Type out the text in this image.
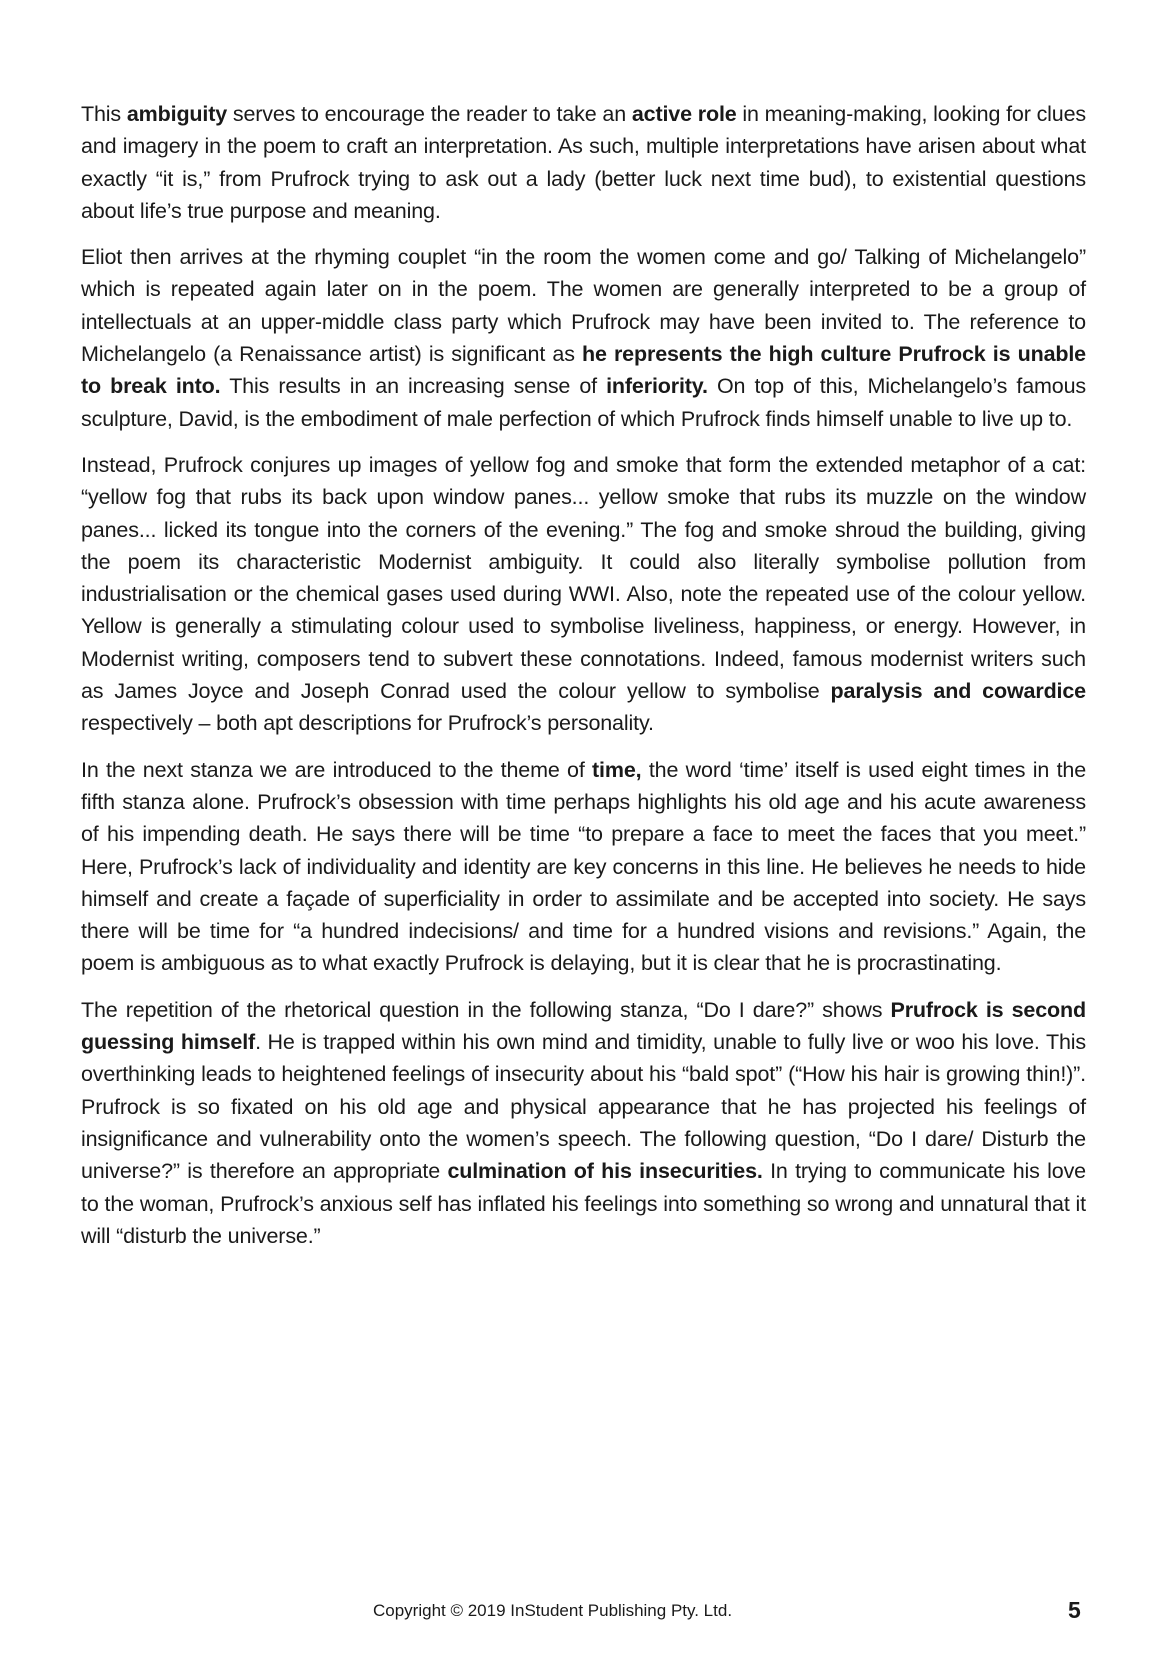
This ambiguity serves to encourage the reader to take an active role in meaning-making, looking for clues and imagery in the poem to craft an interpretation. As such, multiple interpretations have arisen about what exactly “it is,” from Prufrock trying to ask out a lady (better luck next time bud), to existential questions about life’s true purpose and meaning.

Eliot then arrives at the rhyming couplet “in the room the women come and go/ Talking of Michelangelo” which is repeated again later on in the poem. The women are generally interpreted to be a group of intellectuals at an upper-middle class party which Prufrock may have been invited to. The reference to Michelangelo (a Renaissance artist) is significant as he represents the high culture Prufrock is unable to break into. This results in an increasing sense of inferiority. On top of this, Michelangelo’s famous sculpture, David, is the embodiment of male perfection of which Prufrock finds himself unable to live up to.

Instead, Prufrock conjures up images of yellow fog and smoke that form the extended metaphor of a cat: “yellow fog that rubs its back upon window panes... yellow smoke that rubs its muzzle on the window panes... licked its tongue into the corners of the evening.” The fog and smoke shroud the building, giving the poem its characteristic Modernist ambiguity. It could also literally symbolise pollution from industrialisation or the chemical gases used during WWI. Also, note the repeated use of the colour yellow. Yellow is generally a stimulating colour used to symbolise liveliness, happiness, or energy. However, in Modernist writing, composers tend to subvert these connotations. Indeed, famous modernist writers such as James Joyce and Joseph Conrad used the colour yellow to symbolise paralysis and cowardice respectively – both apt descriptions for Prufrock’s personality.

In the next stanza we are introduced to the theme of time, the word ‘time’ itself is used eight times in the fifth stanza alone. Prufrock’s obsession with time perhaps highlights his old age and his acute awareness of his impending death. He says there will be time “to prepare a face to meet the faces that you meet.” Here, Prufrock’s lack of individuality and identity are key concerns in this line. He believes he needs to hide himself and create a façade of superficiality in order to assimilate and be accepted into society. He says there will be time for “a hundred indecisions/ and time for a hundred visions and revisions.” Again, the poem is ambiguous as to what exactly Prufrock is delaying, but it is clear that he is procrastinating.

The repetition of the rhetorical question in the following stanza, “Do I dare?” shows Prufrock is second guessing himself. He is trapped within his own mind and timidity, unable to fully live or woo his love. This overthinking leads to heightened feelings of insecurity about his “bald spot” (“How his hair is growing thin!)”. Prufrock is so fixated on his old age and physical appearance that he has projected his feelings of insignificance and vulnerability onto the women’s speech. The following question, “Do I dare/ Disturb the universe?” is therefore an appropriate culmination of his insecurities. In trying to communicate his love to the woman, Prufrock’s anxious self has inflated his feelings into something so wrong and unnatural that it will “disturb the universe.”

Copyright © 2019 InStudent Publishing Pty. Ltd.	5
